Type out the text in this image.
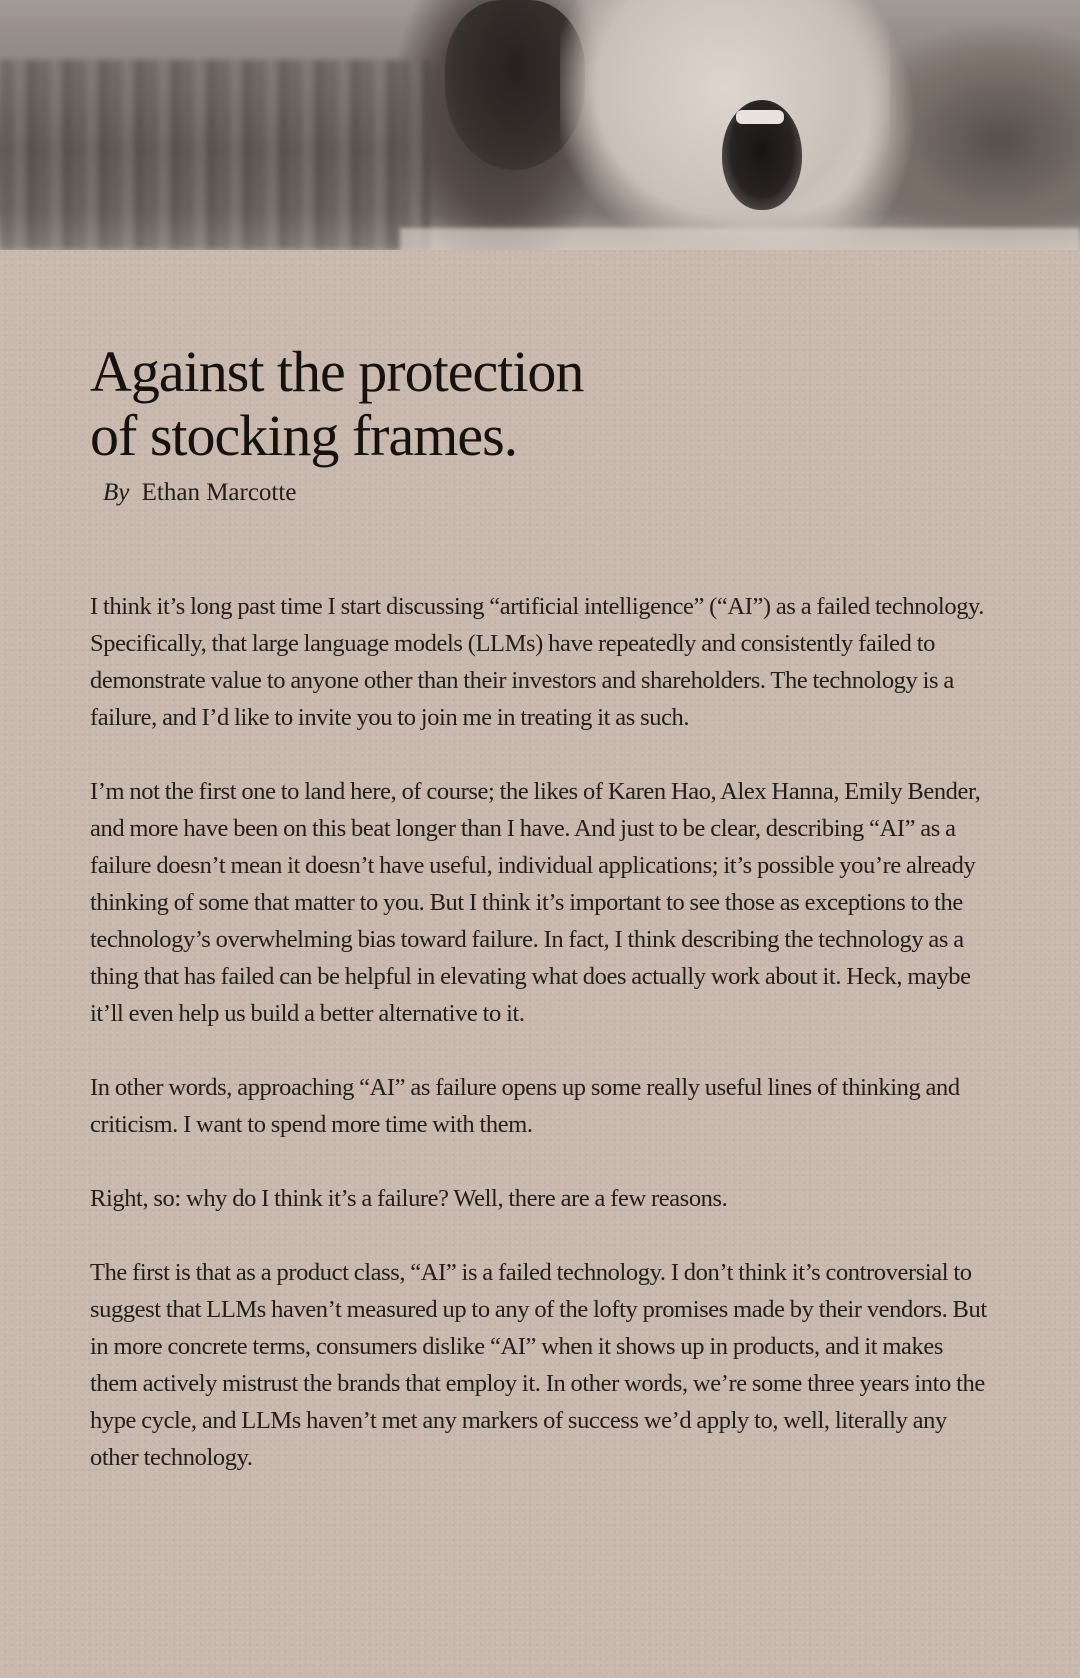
Against the protection
of stocking frames.
By Ethan Marcotte

I think it’s long past time I start discussing “artificial intelligence” (“AI”) as a failed technology. Specifically, that large language models (LLMs) have repeatedly and consistently failed to demonstrate value to anyone other than their investors and shareholders. The technology is a failure, and I’d like to invite you to join me in treating it as such.

I’m not the first one to land here, of course; the likes of Karen Hao, Alex Hanna, Emily Bender, and more have been on this beat longer than I have. And just to be clear, describing “AI” as a failure doesn’t mean it doesn’t have useful, individual applications; it’s possible you’re already thinking of some that matter to you. But I think it’s important to see those as exceptions to the technology’s overwhelming bias toward failure. In fact, I think describing the technology as a thing that has failed can be helpful in elevating what does actually work about it. Heck, maybe it’ll even help us build a better alternative to it.

In other words, approaching “AI” as failure opens up some really useful lines of thinking and criticism. I want to spend more time with them.

Right, so: why do I think it’s a failure? Well, there are a few reasons.

The first is that as a product class, “AI” is a failed technology. I don’t think it’s controversial to suggest that LLMs haven’t measured up to any of the lofty promises made by their vendors. But in more concrete terms, consumers dislike “AI” when it shows up in products, and it makes them actively mistrust the brands that employ it. In other words, we’re some three years into the hype cycle, and LLMs haven’t met any markers of success we’d apply to, well, literally any other technology.
